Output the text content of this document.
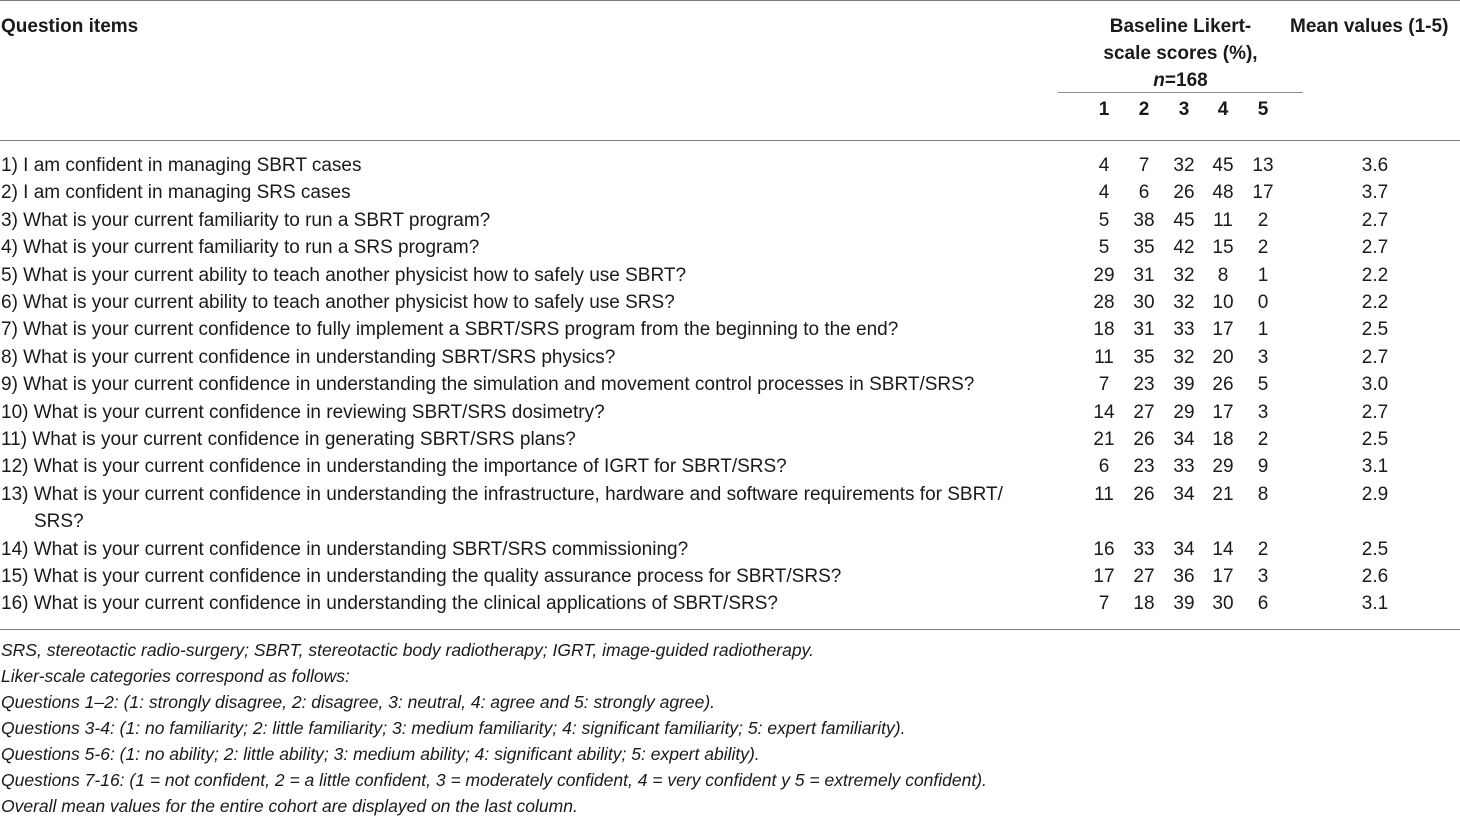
Question items	Baseline Likert-
scale scores (%),
n=168
Mean values (1-5)
1	2	3	4	5
1) I am confident in managing SBRT cases	4	7	32 45 13	3.6
2) I am confident in managing SRS cases	4	6	26 48 17	3.7
3) What is your current familiarity to run a SBRT program?	5	38 45 11	2	2.7
4) What is your current familiarity to run a SRS program?	5	35 42 15	2	2.7
5) What is your current ability to teach another physicist how to safely use SBRT?	29 31 32	8	1	2.2
6) What is your current ability to teach another physicist how to safely use SRS?	28 30 32 10	0	2.2
7) What is your current confidence to fully implement a SBRT/SRS program from the beginning to the end?	18 31 33 17	1	2.5
8) What is your current confidence in understanding SBRT/SRS physics?	11	35 32 20	3	2.7
9) What is your current confidence in understanding the simulation and movement control processes in SBRT/SRS?	7	23 39 26	5	3.0
10) What is your current confidence in reviewing SBRT/SRS dosimetry?	14 27 29 17	3	2.7
11) What is your current confidence in generating SBRT/SRS plans?	21 26 34 18	2	2.5
12) What is your current confidence in understanding the importance of IGRT for SBRT/SRS?	6	23 33 29	9	3.1
13) What is your current confidence in understanding the infrastructure, hardware and software requirements for SBRT/
SRS?
11	26 34 21	8	2.9
14) What is your current confidence in understanding SBRT/SRS commissioning?	16 33 34 14	2	2.5
15) What is your current confidence in understanding the quality assurance process for SBRT/SRS?	17 27 36 17	3	2.6
16) What is your current confidence in understanding the clinical applications of SBRT/SRS?	7	18 39 30	6	3.1
SRS, stereotactic radio-surgery; SBRT, stereotactic body radiotherapy; IGRT, image-guided radiotherapy.
Liker-scale categories correspond as follows:
Questions 1–2: (1: strongly disagree, 2: disagree, 3: neutral, 4: agree and 5: strongly agree).
Questions 3-4: (1: no familiarity; 2: little familiarity; 3: medium familiarity; 4: significant familiarity; 5: expert familiarity).
Questions 5-6: (1: no ability; 2: little ability; 3: medium ability; 4: significant ability; 5: expert ability).
Questions 7-16: (1 = not confident, 2 = a little confident, 3 = moderately confident, 4 = very confident y 5 = extremely confident).
Overall mean values for the entire cohort are displayed on the last column.
